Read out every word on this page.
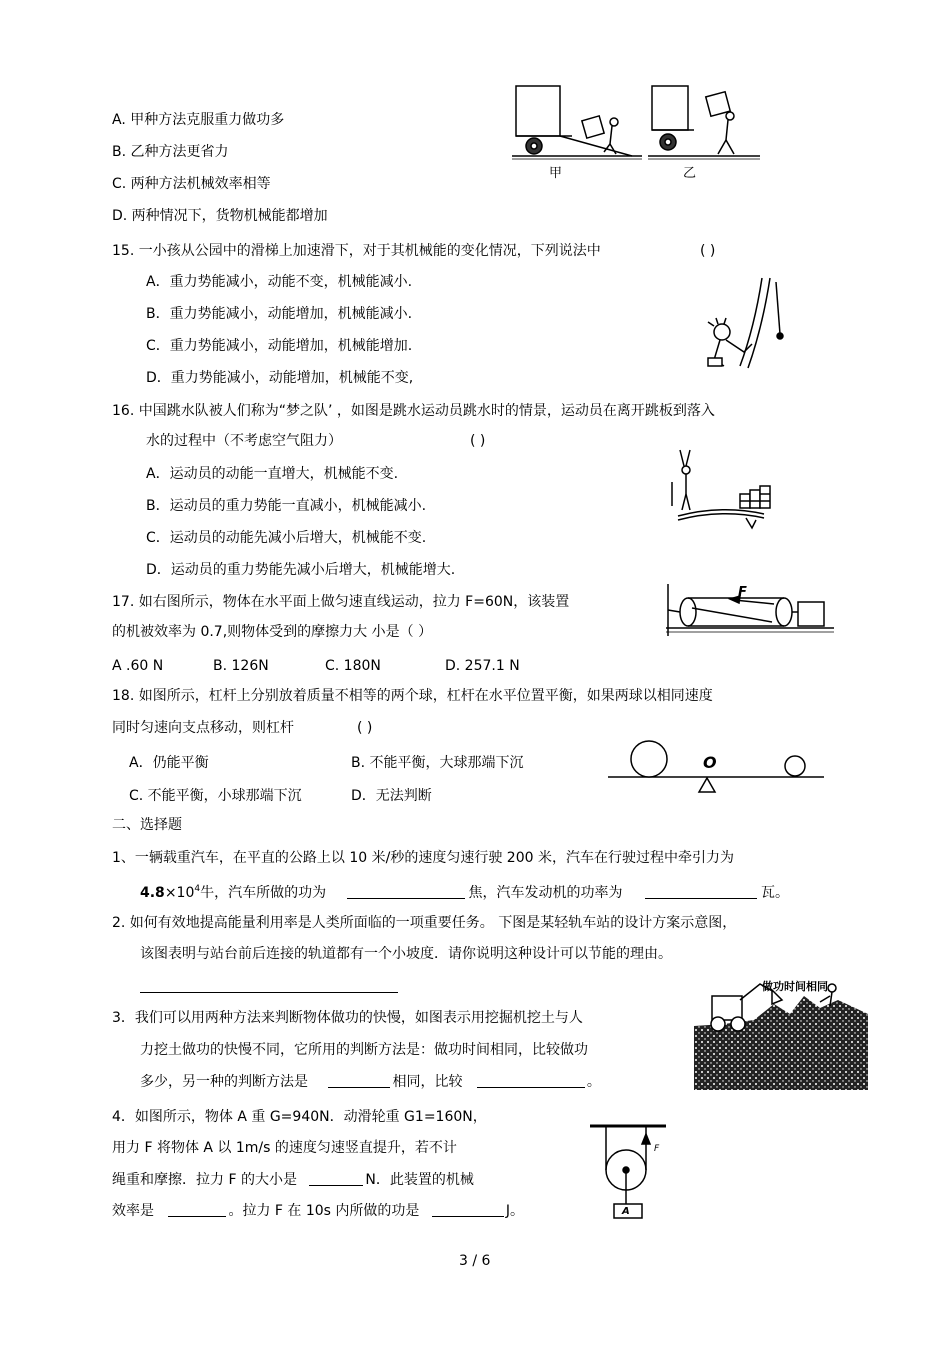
A. 甲种方法克服重力做功多
B. 乙种方法更省力
C. 两种方法机械效率相等
D. 两种情况下，货物机械能都增加
甲	乙
15. 一小孩从公园中的滑梯上加速滑下，对于其机械能的变化情况，下列说法中	( )
A．重力势能减小，动能不变，机械能减小.
B．重力势能减小，动能增加，机械能减小.
C．重力势能减小，动能增加，机械能增加.
D．重力势能减小，动能增加，机械能不变,
16. 中国跳水队被人们称为“梦之队’ ，如图是跳水运动员跳水时的情景，运动员在离开跳板到落入
水的过程中（不考虑空气阻力）	( )
A．运动员的动能一直增大，机械能不变.
B．运动员的重力势能一直减小，机械能减小.
C．运动员的动能先减小后增大，机械能不变.
D．运动员的重力势能先减小后增大，机械能增大.
17. 如右图所示，物体在水平面上做匀速直线运动，拉力 F=60N，该装置
的机被效率为 0.7,则物体受到的摩擦力大 小是（ ）
A .60 N	B. 126N	C. 180N	D. 257.1 N
F
18. 如图所示，杠杆上分别放着质量不相等的两个球，杠杆在水平位置平衡，如果两球以相同速度
同时匀速向支点移动，则杠杆	( )
A．仍能平衡	B. 不能平衡，大球那端下沉
C. 不能平衡，小球那端下沉	D．无法判断
O
二、选择题
1、一辆载重汽车，在平直的公路上以 10 米/秒的速度匀速行驶 200 米，汽车在行驶过程中牵引力为
$4.8\times 10^4$牛，汽车所做的功为	焦，汽车发动机的功率为	瓦。
2. 如何有效地提高能量利用率是人类所面临的一项重要任务。 下图是某轻轨车站的设计方案示意图，
该图表明与站台前后连接的轨道都有一个小坡度．请你说明这种设计可以节能的理由。
做功时间相同
3．我们可以用两种方法来判断物体做功的快慢，如图表示用挖掘机挖土与人
力挖土做功的快慢不同，它所用的判断方法是：做功时间相同，比较做功
多少，另一种的判断方法是	相同，比较	。
4．如图所示，物体 A 重 G=940N．动滑轮重 G1=160N，
用力 F 将物体 A 以 1m/s 的速度匀速竖直提升，若不计
绳重和摩擦．拉力 F 的大小是	N．此装置的机械
效率是	。拉力 F 在 10s 内所做的功是	J。	A
F
3 / 6
